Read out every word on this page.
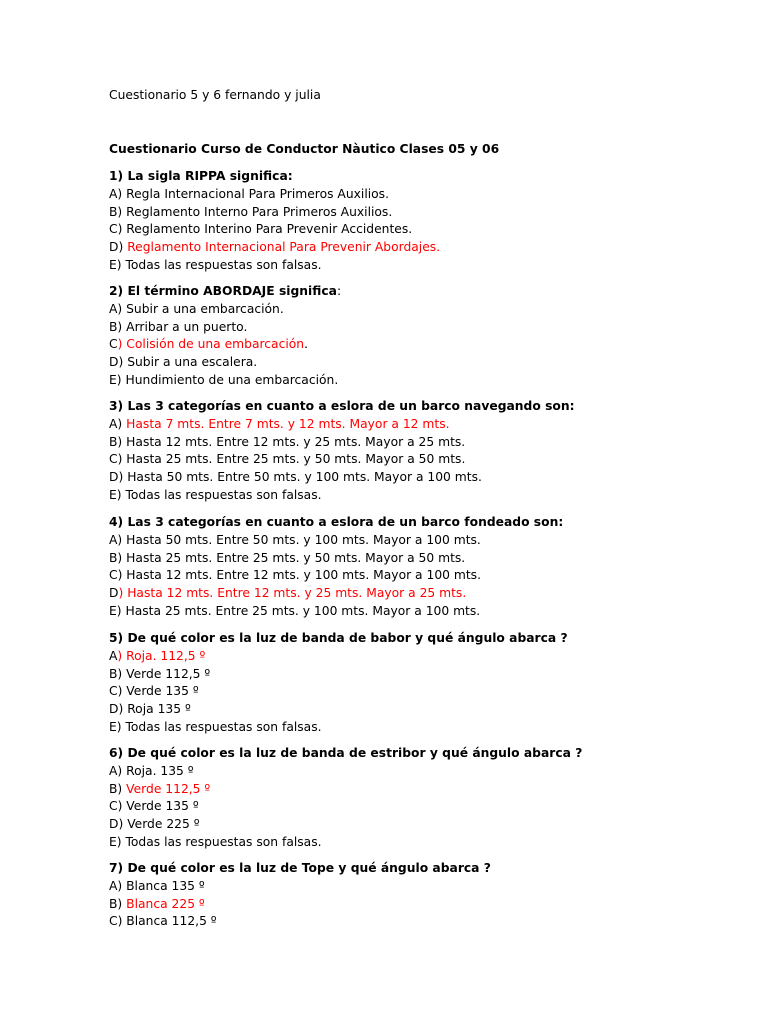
Cuestionario 5 y 6 fernando y julia
Cuestionario Curso de Conductor Nàutico Clases 05 y 06
1) La sigla RIPPA significa:
A) Regla Internacional Para Primeros Auxilios.
B) Reglamento Interno Para Primeros Auxilios.
C) Reglamento Interino Para Prevenir Accidentes.
D) Reglamento Internacional Para Prevenir Abordajes.
E) Todas las respuestas son falsas.
2) El término ABORDAJE significa:
A) Subir a una embarcación.
B) Arribar a un puerto.
C) Colisión de una embarcación.
D) Subir a una escalera.
E) Hundimiento de una embarcación.
3) Las 3 categorías en cuanto a eslora de un barco navegando son:
A) Hasta 7 mts. Entre 7 mts. y 12 mts. Mayor a 12 mts.
B) Hasta 12 mts. Entre 12 mts. y 25 mts. Mayor a 25 mts.
C) Hasta 25 mts. Entre 25 mts. y 50 mts. Mayor a 50 mts.
D) Hasta 50 mts. Entre 50 mts. y 100 mts. Mayor a 100 mts.
E) Todas las respuestas son falsas.
4) Las 3 categorías en cuanto a eslora de un barco fondeado son:
A) Hasta 50 mts. Entre 50 mts. y 100 mts. Mayor a 100 mts.
B) Hasta 25 mts. Entre 25 mts. y 50 mts. Mayor a 50 mts.
C) Hasta 12 mts. Entre 12 mts. y 100 mts. Mayor a 100 mts.
D) Hasta 12 mts. Entre 12 mts. y 25 mts. Mayor a 25 mts.
E) Hasta 25 mts. Entre 25 mts. y 100 mts. Mayor a 100 mts.
5) De qué color es la luz de banda de babor y qué ángulo abarca ?
A) Roja. 112,5 º
B) Verde 112,5 º
C) Verde 135 º
D) Roja 135 º
E) Todas las respuestas son falsas.
6) De qué color es la luz de banda de estribor y qué ángulo abarca ?
A) Roja. 135 º
B) Verde 112,5 º
C) Verde 135 º
D) Verde 225 º
E) Todas las respuestas son falsas.
7) De qué color es la luz de Tope y qué ángulo abarca ?
A) Blanca 135 º
B) Blanca 225 º
C) Blanca 112,5 º
